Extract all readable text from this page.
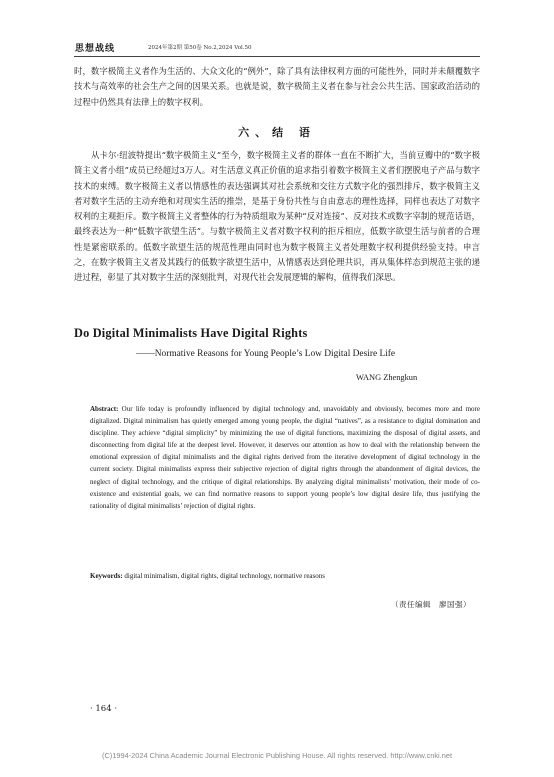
思想战线	2024年第2期 第50卷 No.2,2024 Vol.50

时，数字极简主义者作为生活的、大众文化的“例外”，除了具有法律权利方面的可能性外，同时并未颠覆数字技术与高效率的社会生产之间的因果关系。也就是说，数字极简主义者在参与社会公共生活、国家政治活动的过程中仍然具有法律上的数字权利。

六、结 语

从卡尔·纽波特提出“数字极简主义”至今，数字极简主义者的群体一直在不断扩大，当前豆瓣中的“数字极简主义者小组”成员已经超过3万人。对生活意义真正价值的追求指引着数字极简主义者们摆脱电子产品与数字技术的束缚。数字极简主义者以情感性的表达强调其对社会系统和交往方式数字化的强烈排斥，数字极简主义者对数字生活的主动弃绝和对现实生活的推崇，是基于身份共性与自由意志的理性选择，同样也表达了对数字权利的主观拒斥。数字极简主义者整体的行为特质组取为某种“反对连接”、反对技术或数字宰制的规范话语，最终表达为一种“低数字欲望生活”。与数字极简主义者对数字权利的拒斥相应，低数字欲望生活与前者的合理性是紧密联系的。低数字欲望生活的规范性理由同时也为数字极简主义者处理数字权利提供经验支持。申言之，在数字极简主义者及其践行的低数字欲望生活中，从情感表达到伦理共识，再从集体样态到规范主张的递进过程，彰显了其对数字生活的深刻批判，对现代社会发展逻辑的解构，值得我们深思。

Do Digital Minimalists Have Digital Rights
——Normative Reasons for Young People’s Low Digital Desire Life
WANG Zhengkun

Abstract: Our life today is profoundly influenced by digital technology and, unavoidably and obviously, becomes more and more digitalized. Digital minimalism has quietly emerged among young people, the digital “natives”, as a resistance to digital domination and discipline. They achieve “digital simplicity” by minimizing the use of digital functions, maximizing the disposal of digital assets, and disconnecting from digital life at the deepest level. However, it deserves our attention as how to deal with the relationship between the emotional expression of digital minimalists and the digital rights derived from the iterative development of digital technology in the current society. Digital minimalists express their subjective rejection of digital rights through the abandonment of digital devices, the neglect of digital technology, and the critique of digital relationships. By analyzing digital minimalists’ motivation, their mode of co-existence and existential goals, we can find normative reasons to support young people’s low digital desire life, thus justifying the rationality of digital minimalists’ rejection of digital rights.

Keywords: digital minimalism, digital rights, digital technology, normative reasons
（责任编辑　廖国强）
· 164 ·
(C)1994-2024 China Academic Journal Electronic Publishing House. All rights reserved. http://www.cnki.net
